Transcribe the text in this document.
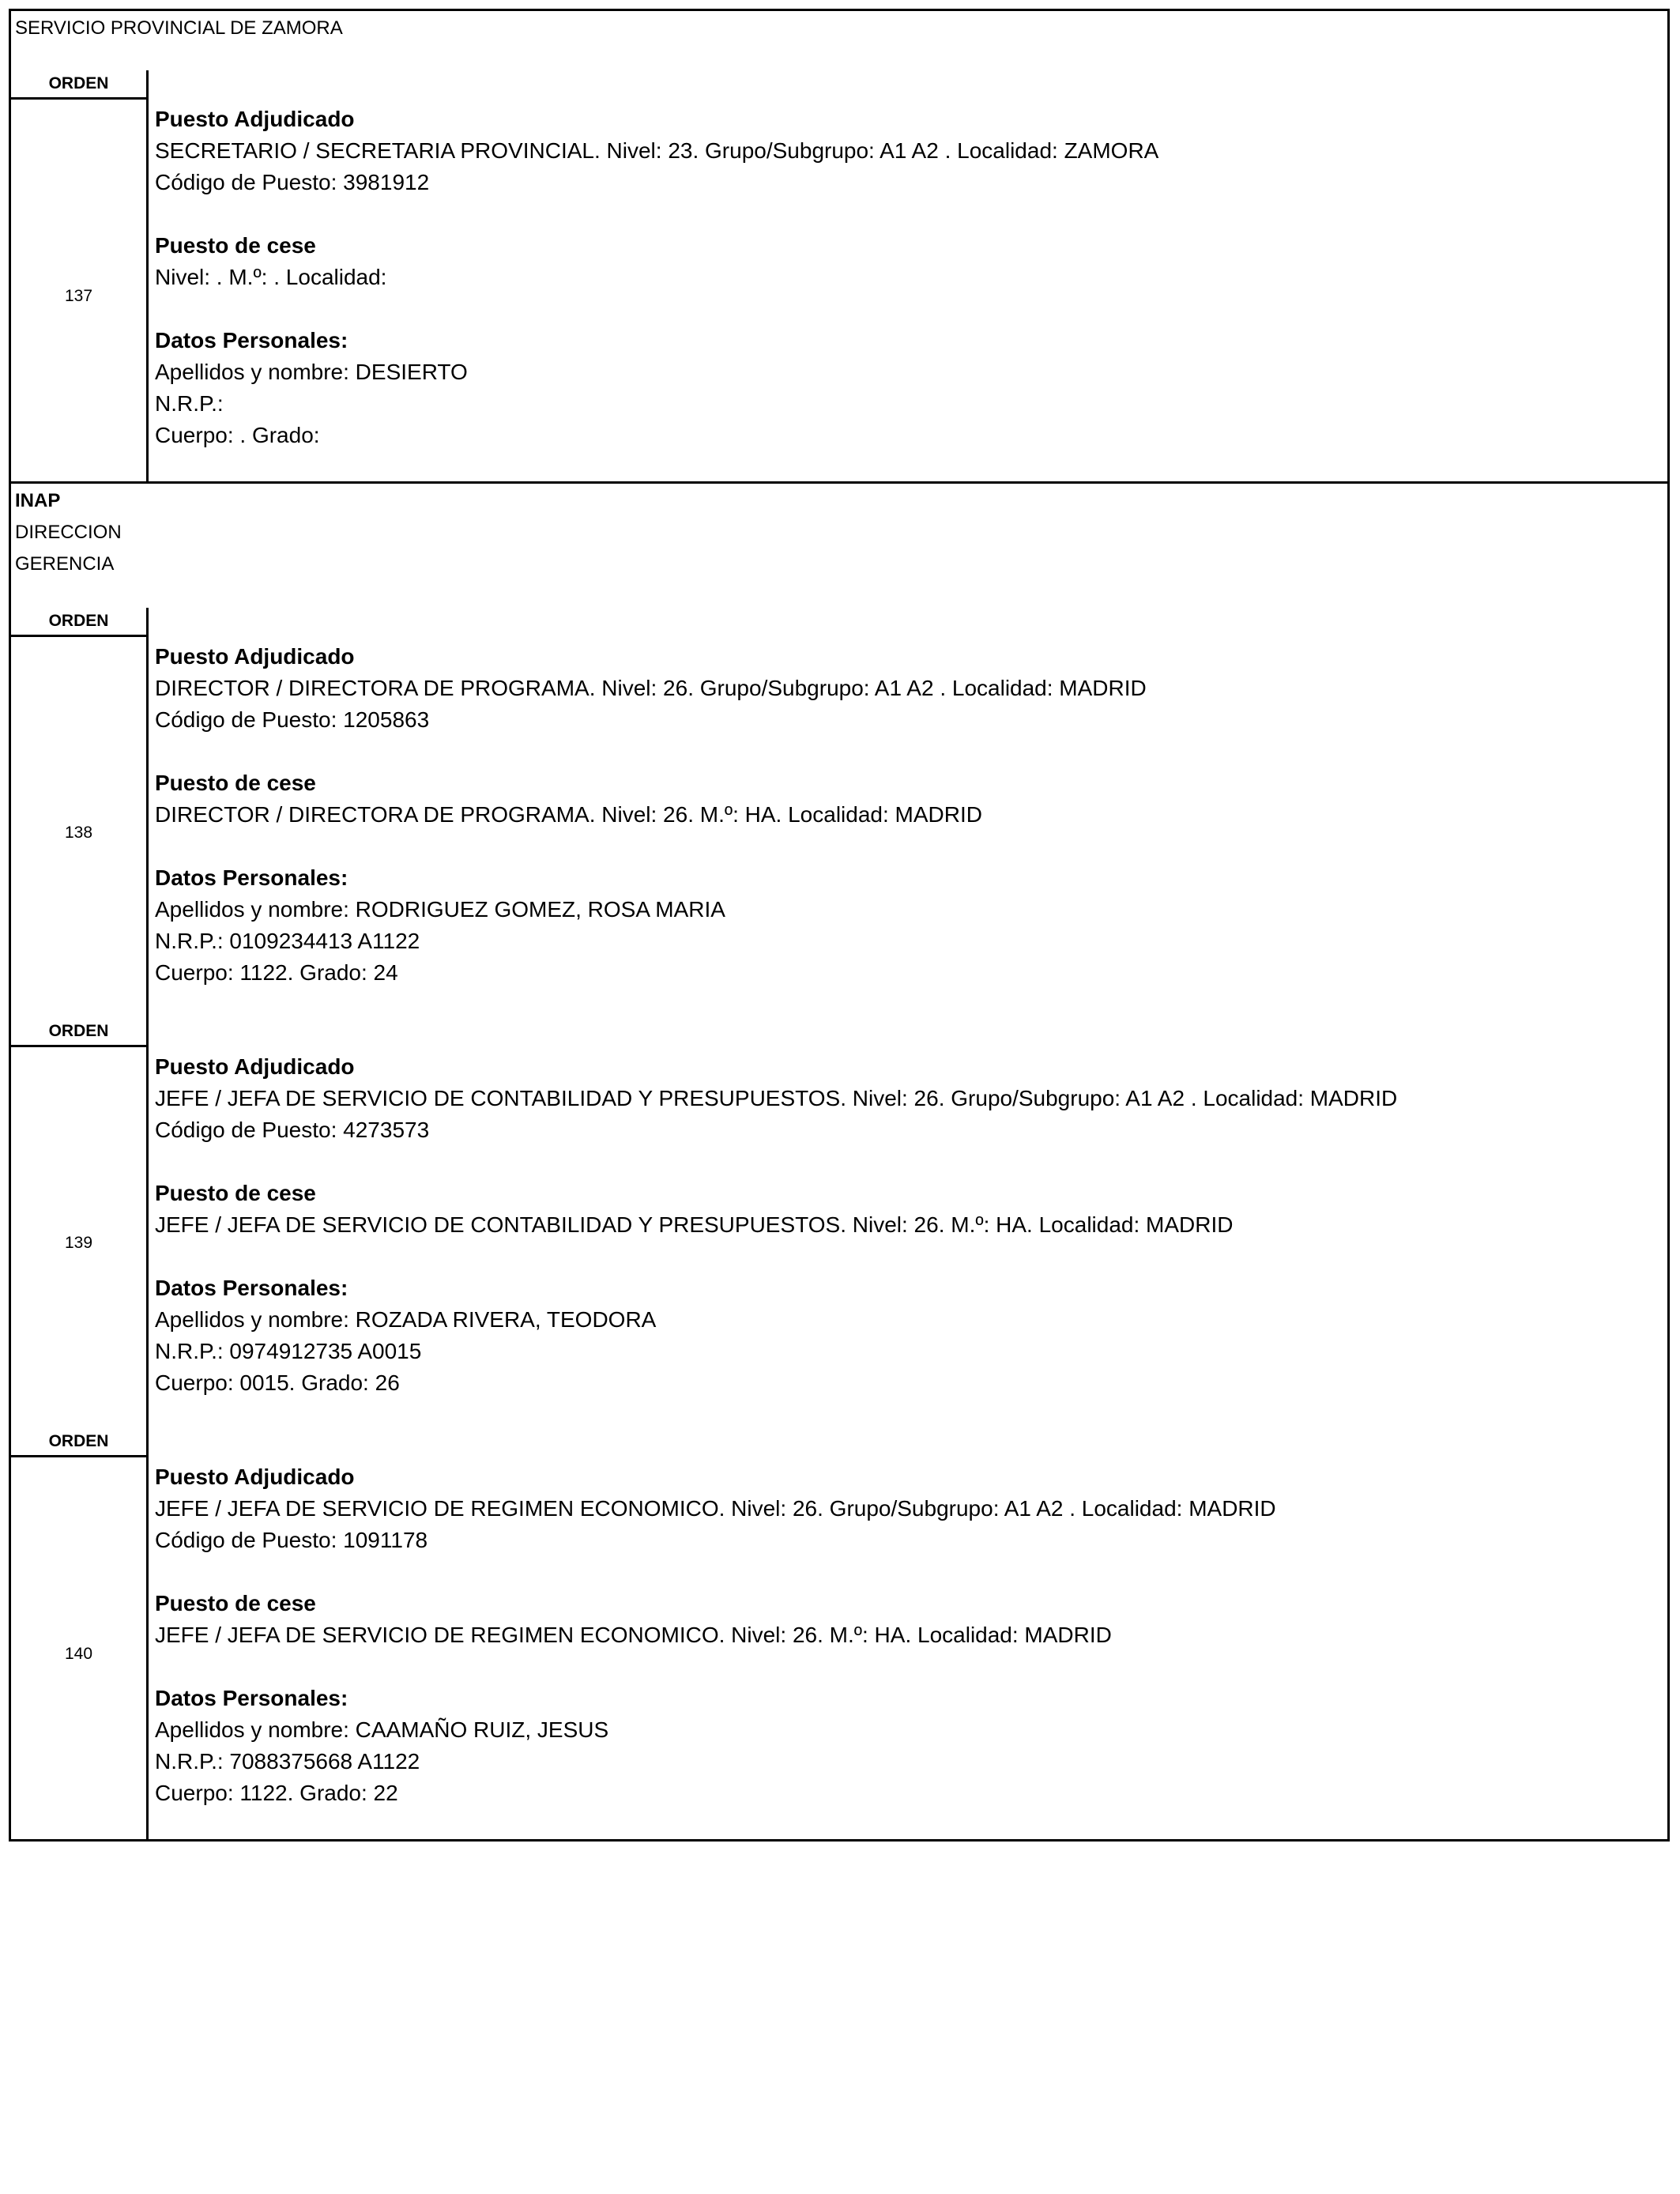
SERVICIO PROVINCIAL DE ZAMORA
ORDEN
137
Puesto Adjudicado
SECRETARIO / SECRETARIA PROVINCIAL. Nivel: 23. Grupo/Subgrupo: A1 A2 . Localidad: ZAMORA
Código de Puesto: 3981912
Puesto de cese
Nivel: . M.º: . Localidad:
Datos Personales:
Apellidos y nombre: DESIERTO
N.R.P.:
Cuerpo: . Grado:
INAP
DIRECCION
GERENCIA
ORDEN
138
Puesto Adjudicado
DIRECTOR / DIRECTORA DE PROGRAMA. Nivel: 26. Grupo/Subgrupo: A1 A2 . Localidad: MADRID
Código de Puesto: 1205863
Puesto de cese
DIRECTOR / DIRECTORA DE PROGRAMA. Nivel: 26. M.º: HA. Localidad: MADRID
Datos Personales:
Apellidos y nombre: RODRIGUEZ GOMEZ, ROSA MARIA
N.R.P.: 0109234413 A1122
Cuerpo: 1122. Grado: 24
ORDEN
139
Puesto Adjudicado
JEFE / JEFA DE SERVICIO DE CONTABILIDAD Y PRESUPUESTOS. Nivel: 26. Grupo/Subgrupo: A1 A2 . Localidad: MADRID
Código de Puesto: 4273573
Puesto de cese
JEFE / JEFA DE SERVICIO DE CONTABILIDAD Y PRESUPUESTOS. Nivel: 26. M.º: HA. Localidad: MADRID
Datos Personales:
Apellidos y nombre: ROZADA RIVERA, TEODORA
N.R.P.: 0974912735 A0015
Cuerpo: 0015. Grado: 26
ORDEN
140
Puesto Adjudicado
JEFE / JEFA DE SERVICIO DE REGIMEN ECONOMICO. Nivel: 26. Grupo/Subgrupo: A1 A2 . Localidad: MADRID
Código de Puesto: 1091178
Puesto de cese
JEFE / JEFA DE SERVICIO DE REGIMEN ECONOMICO. Nivel: 26. M.º: HA. Localidad: MADRID
Datos Personales:
Apellidos y nombre: CAAMAÑO RUIZ, JESUS
N.R.P.: 7088375668 A1122
Cuerpo: 1122. Grado: 22
